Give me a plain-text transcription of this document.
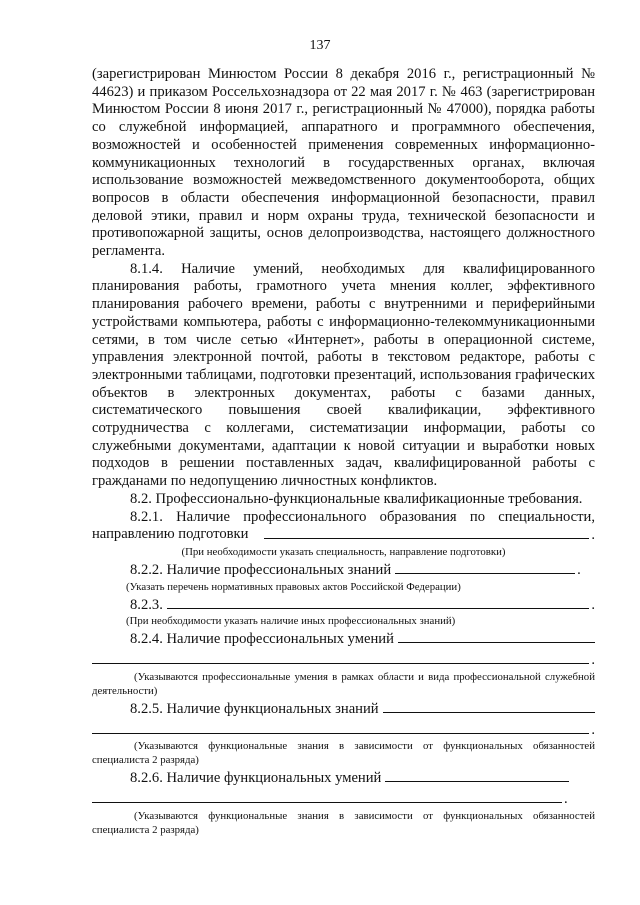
137

(зарегистрирован Минюстом России 8 декабря 2016 г., регистрационный № 44623) и приказом Россельхознадзора от 22 мая 2017 г. № 463 (зарегистрирован Минюстом России 8 июня 2017 г., регистрационный № 47000), порядка работы со служебной информацией, аппаратного и программного обеспечения, возможностей и особенностей применения современных информационно-коммуникационных технологий в государственных органах, включая использование возможностей межведомственного документооборота, общих вопросов в области обеспечения информационной безопасности, правил деловой этики, правил и норм охраны труда, технической безопасности и противопожарной защиты, основ делопроизводства, настоящего должностного регламента.

8.1.4. Наличие умений, необходимых для квалифицированного планирования работы, грамотного учета мнения коллег, эффективного планирования рабочего времени, работы с внутренними и периферийными устройствами компьютера, работы с информационно-телекоммуникационными сетями, в том числе сетью «Интернет», работы в операционной системе, управления электронной почтой, работы в текстовом редакторе, работы с электронными таблицами, подготовки презентаций, использования графических объектов в электронных документах, работы с базами данных, систематического повышения своей квалификации, эффективного сотрудничества с коллегами, систематизации информации, работы со служебными документами, адаптации к новой ситуации и выработки новых подходов в решении поставленных задач, квалифицированной работы с гражданами по недопущению личностных конфликтов.

8.2. Профессионально-функциональные квалификационные требования.

8.2.1. Наличие профессионального образования по специальности, направлению подготовки	.

(При необходимости указать специальность, направление подготовки)

8.2.2. Наличие профессиональных знаний	.

(Указать перечень нормативных правовых актов Российской Федерации)

8.2.3.	.

(При необходимости указать наличие иных профессиональных знаний)

8.2.4. Наличие профессиональных умений
.

(Указываются профессиональные умения в рамках области и вида профессиональной служебной деятельности)

8.2.5. Наличие функциональных знаний
.

(Указываются функциональные знания в зависимости от функциональных обязанностей специалиста 2 разряда)

8.2.6. Наличие функциональных умений
.

(Указываются функциональные знания в зависимости от функциональных обязанностей специалиста 2 разряда)
